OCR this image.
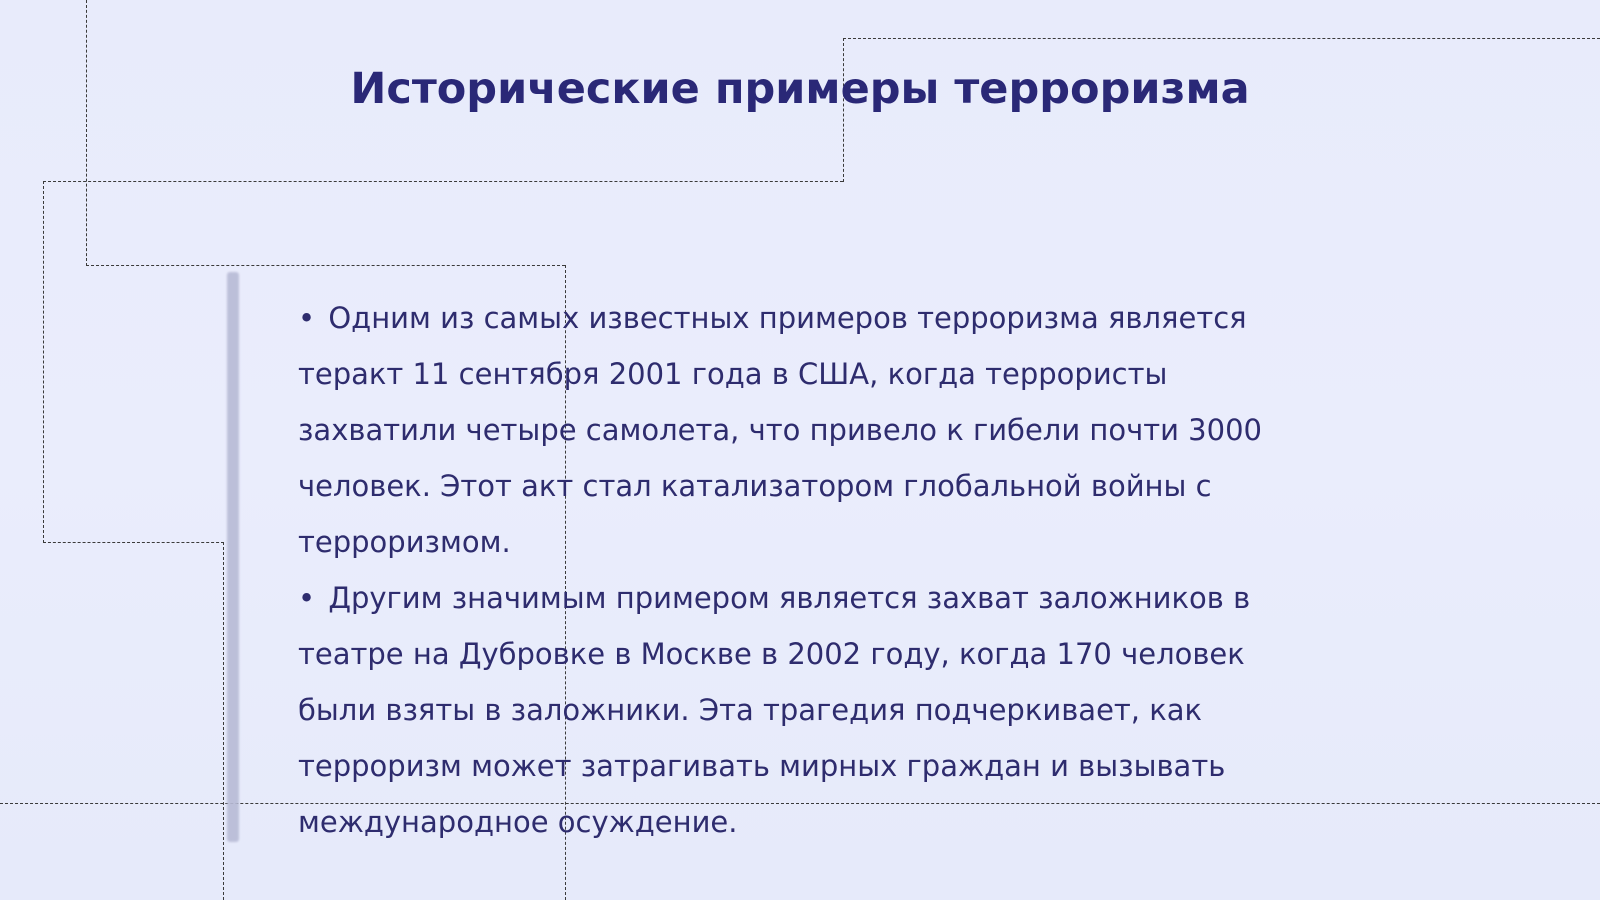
Исторические примеры терроризма
• Одним из самых известных примеров терроризма является теракт 11 сентября 2001 года в США, когда террористы захватили четыре самолета, что привело к гибели почти 3000 человек. Этот акт стал катализатором глобальной войны с терроризмом.
• Другим значимым примером является захват заложников в театре на Дубровке в Москве в 2002 году, когда 170 человек были взяты в заложники. Эта трагедия подчеркивает, как терроризм может затрагивать мирных граждан и вызывать международное осуждение.
